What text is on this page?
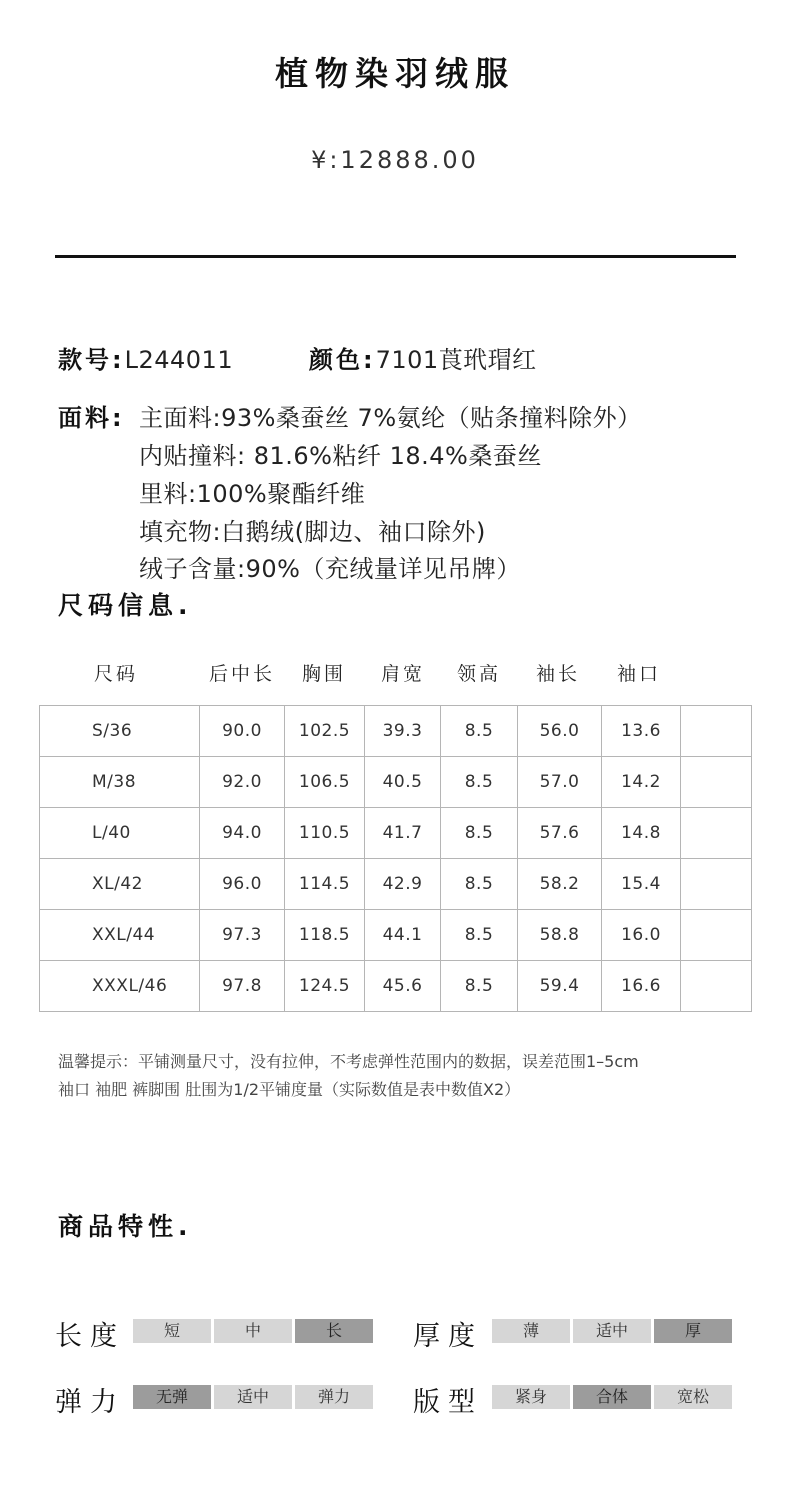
植物染羽绒服
¥:12888.00
款号:L244011	颜色:7101莨玳瑁红
面料: 主面料:93%桑蚕丝 7%氨纶（贴条撞料除外）
内贴撞料: 81.6%粘纤 18.4%桑蚕丝
里料:100%聚酯纤维
填充物:白鹅绒(脚边、袖口除外)
绒子含量:90%（充绒量详见吊牌）
尺码信息.
尺码	后中长 胸围 肩宽 领高 袖长 袖口
S/36	90.0	102.5	39.3	8.5	56.0	13.6	
M/38	92.0	106.5	40.5	8.5	57.0	14.2	
L/40	94.0	110.5	41.7	8.5	57.6	14.8	
XL/42	96.0	114.5	42.9	8.5	58.2	15.4	
XXL/44	97.3	118.5	44.1	8.5	58.8	16.0	
XXXL/46	97.8	124.5	45.6	8.5	59.4	16.6	
温馨提示：平铺测量尺寸，没有拉伸，不考虑弹性范围内的数据，误差范围1–5cm
袖口 袖肥 裤脚围 肚围为1/2平铺度量（实际数值是表中数值X2）
商品特性.
长度	短	中	长	厚度	薄	适中	厚
弹力	无弹	适中	弹力	版型	紧身	合体	宽松
